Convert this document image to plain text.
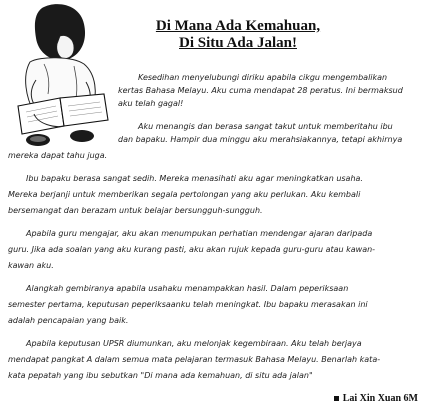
Di Mana Ada Kemahuan,
Di Situ Ada Jalan!
Kesedihan menyelubungi diriku apabila cikgu mengembalikan
kertas Bahasa Melayu. Aku cuma mendapat 28 peratus. Ini bermaksud
aku telah gagal!
Aku menangis dan berasa sangat takut untuk memberitahu ibu
dan bapaku. Hampir dua minggu aku merahsiakannya, tetapi akhirnya
mereka dapat tahu juga.
Ibu bapaku berasa sangat sedih. Mereka menasihati aku agar meningkatkan usaha.
Mereka berjanji untuk memberikan segala pertolongan yang aku perlukan. Aku kembali
bersemangat dan berazam untuk belajar bersungguh-sungguh.
Apabila guru mengajar, aku akan menumpukan perhatian mendengar ajaran daripada
guru. Jika ada soalan yang aku kurang pasti, aku akan rujuk kepada guru-guru atau kawan-
kawan aku.
Alangkah gembiranya apabila usahaku menampakkan hasil. Dalam peperiksaan
semester pertama, keputusan peperiksaanku telah meningkat. Ibu bapaku merasakan ini
adalah pencapaian yang baik.
Apabila keputusan UPSR diumunkan, aku melonjak kegembiraan. Aku telah berjaya
mendapat pangkat A dalam semua mata pelajaran termasuk Bahasa Melayu. Benarlah kata-
kata pepatah yang ibu sebutkan "Di mana ada kemahuan, di situ ada jalan"
Lai Xin Xuan 6M
